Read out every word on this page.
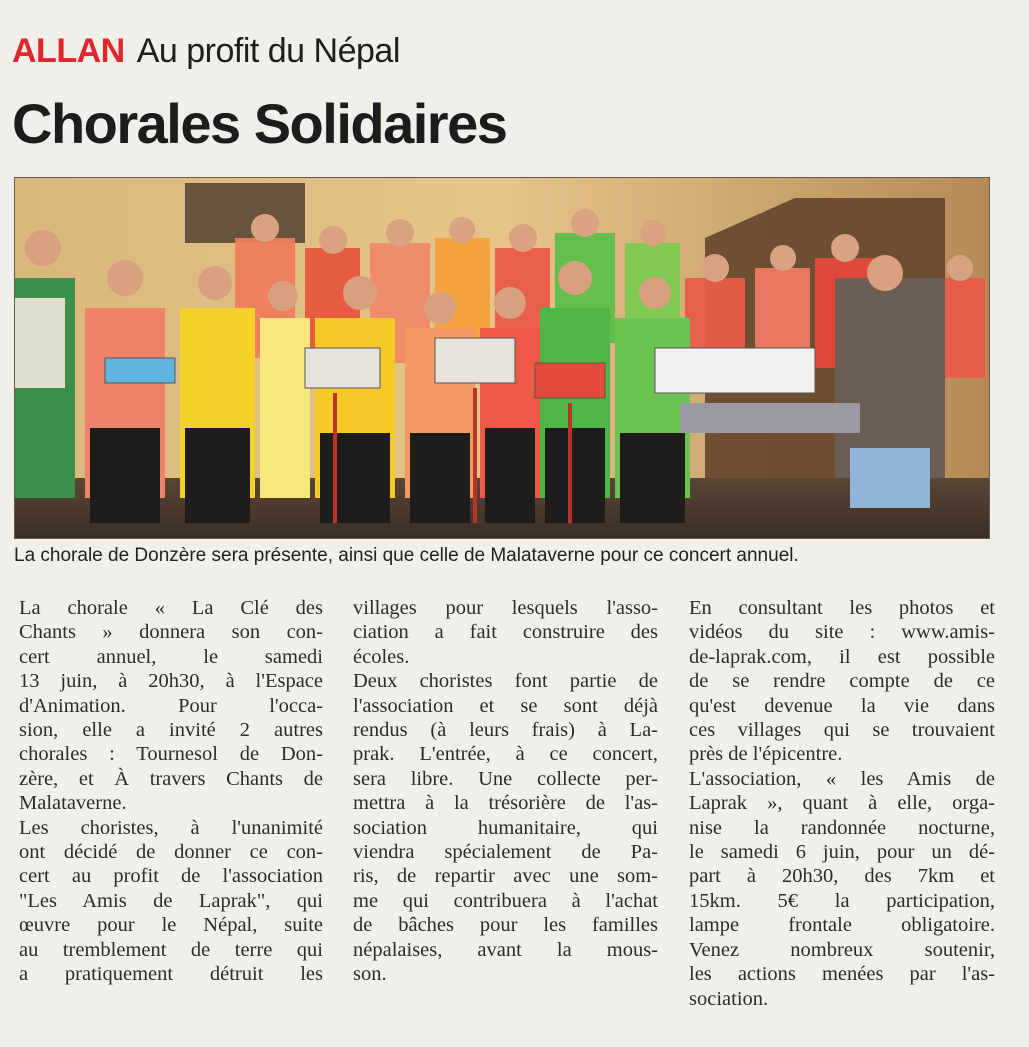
ALLAN Au profit du Népal
Chorales Solidaires
La chorale de Donzère sera présente, ainsi que celle de Malataverne pour ce concert annuel.
La chorale « La Clé des
Chants » donnera son con-
cert annuel, le samedi
13 juin, à 20h30, à l'Espace
d'Animation. Pour l'occa-
sion, elle a invité 2 autres
chorales : Tournesol de Don-
zère, et À travers Chants de
Malataverne.
Les choristes, à l'unanimité
ont décidé de donner ce con-
cert au profit de l'association
"Les Amis de Laprak", qui
œuvre pour le Népal, suite
au tremblement de terre qui
a pratiquement détruit les
villages pour lesquels l'asso-
ciation a fait construire des
écoles.
Deux choristes font partie de
l'association et se sont déjà
rendus (à leurs frais) à La-
prak. L'entrée, à ce concert,
sera libre. Une collecte per-
mettra à la trésorière de l'as-
sociation humanitaire, qui
viendra spécialement de Pa-
ris, de repartir avec une som-
me qui contribuera à l'achat
de bâches pour les familles
népalaises, avant la mous-
son.
En consultant les photos et
vidéos du site : www.amis-
de-laprak.com, il est possible
de se rendre compte de ce
qu'est devenue la vie dans
ces villages qui se trouvaient
près de l'épicentre.
L'association, « les Amis de
Laprak », quant à elle, orga-
nise la randonnée nocturne,
le samedi 6 juin, pour un dé-
part à 20h30, des 7km et
15km. 5€ la participation,
lampe frontale obligatoire.
Venez nombreux soutenir,
les actions menées par l'as-
sociation.
